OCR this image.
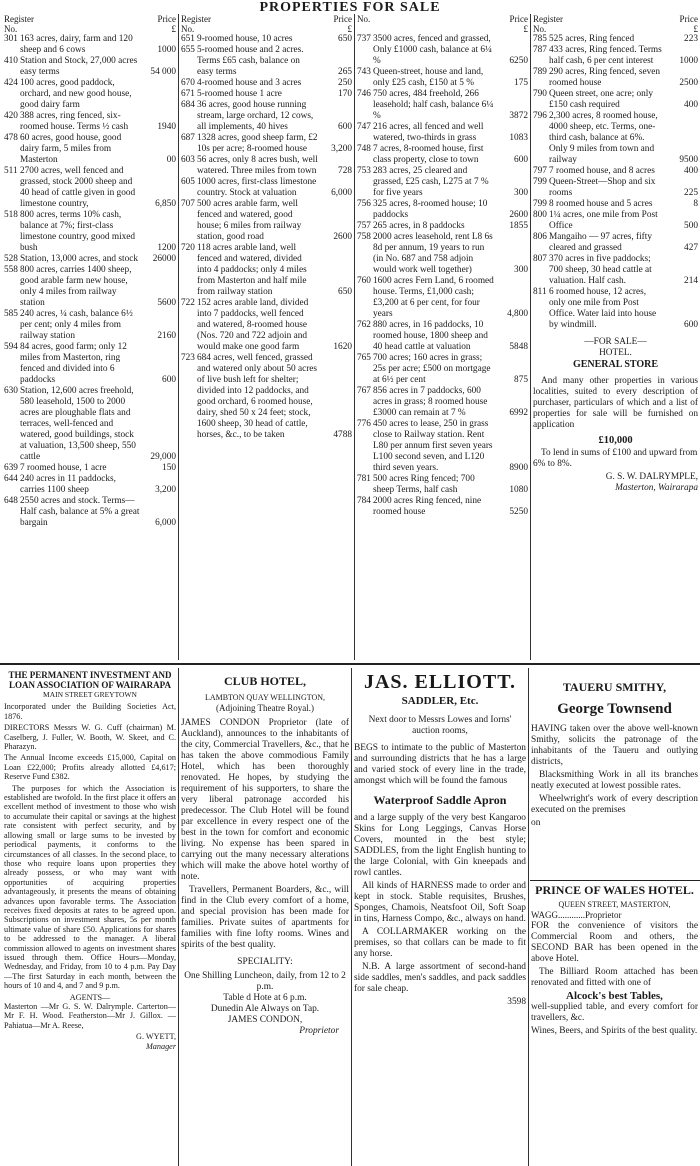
PROPERTIES FOR SALE
Register
No.
Price
£
301 163 acres, dairy, farm and 120 sheep and 6 cows	1000
410 Station and Stock, 27,000 acres easy terms	54 000
424 100 acres, good paddock, orchard, and new good house, good dairy farm
420 388 acres, ring fenced, six-roomed house. Terms ½ cash	1940
478 60 acres, good house, good dairy farm, 5 miles from Masterton	00
511 2700 acres, well fenced and grassed, stock 2000 sheep and 40 head of cattle given in good limestone country,	6,850
518 800 acres, terms 10% cash, balance at 7%; first-class limestone country, good mixed bush	1200
528 Station, 13,000 acres, and stock	26000
558 800 acres, carries 1400 sheep, good arable farm new house, only 4 miles from railway station	5600
585 240 acres, ¼ cash, balance 6½ per cent; only 4 miles from railway station	2160
594 84 acres, good farm; only 12 miles from Masterton, ring fenced and divided into 6 paddocks	600
630 Station, 12,600 acres freehold, 580 leasehold, 1500 to 2000 acres are ploughable flats and terraces, well-fenced and watered, good buildings, stock at valuation, 13,500 sheep, 550 cattle	29,000
639 7 roomed house, 1 acre	150
644 240 acres in 11 paddocks, carries 1100 sheep	3,200
648 2550 acres and stock. Terms—Half cash, balance at 5% a great bargain	6,000
Register
No.
Price
£
651 9-roomed house, 10 acres	650
655 5-roomed house and 2 acres. Terms £65 cash, balance on easy terms	265
670 4-roomed house and 3 acres	250
671 5-roomed house 1 acre	170
684 36 acres, good house running stream, large orchard, 12 cows, all implements, 40 hives	600
687 1328 acres, good sheep farm, £2 10s per acre; 8-roomed house	3,200
603 56 acres, only 8 acres bush, well watered. Three miles from town	728
605 1000 acres, first-class limestone country. Stock at valuation	6,000
707 500 acres arable farm, well fenced and watered, good house; 6 miles from railway station, good road	2600
720 118 acres arable land, well fenced and watered, divided into 4 paddocks; only 4 miles from Masterton and half mile from railway station	650
722 152 acres arable land, divided into 7 paddocks, well fenced and watered, 8-roomed house (Nos. 720 and 722 adjoin and would make one good farm	1620
723 684 acres, well fenced, grassed and watered only about 50 acres of live bush left for shelter; divided into 12 paddocks, and good orchard, 6 roomed house, dairy, shed 50 x 24 feet; stock, 1600 sheep, 30 head of cattle, horses, &c., to be taken	4788
No.	Price
£
737 3500 acres, fenced and grassed, Only £1000 cash, balance at 6¼ %	6250
743 Queen-street, house and land, only £25 cash, £150 at 5 %	175
746 750 acres, 484 freehold, 266 leasehold; half cash, balance 6¼ %	3872
747 216 acres, all fenced and well watered, two-thirds in grass	1083
748 7 acres, 8-roomed house, first class property, close to town	600
753 283 acres, 25 cleared and grassed, £25 cash, L275 at 7 % for five years	300
756 325 acres, 8-roomed house; 10 paddocks	2600
757 265 acres, in 8 paddocks	1855
758 2000 acres leasehold, rent L8 6s 8d per annum, 19 years to run (in No. 687 and 758 adjoin would work well together)	300
760 1600 acres Fern Land, 6 roomed house. Terms, £1,000 cash; £3,200 at 6 per cent, for four years	4,800
762 880 acres, in 16 paddocks, 10 roomed house, 1800 sheep and 40 head cattle at valuation	5848
765 700 acres; 160 acres in grass; 25s per acre; £500 on mortgage at 6½ per cent	875
767 856 acres in 7 paddocks, 600 acres in grass; 8 roomed house £3000 can remain at 7 %	6992
776 450 acres to lease, 250 in grass close to Railway station. Rent L80 per annum first seven years L100 second seven, and L120 third seven years.	8900
781 500 acres Ring fenced; 700 sheep Terms, half cash	1080
784 2000 acres Ring fenced, nine roomed house	5250
Register
No.
Price
£
785 525 acres, Ring fenced	223
787 433 acres, Ring fenced. Terms half cash, 6 per cent interest	1000
789 290 acres, Ring fenced, seven roomed house	2500
790 Queen street, one acre; only £150 cash required	400
796 2,300 acres, 8 roomed house, 4000 sheep, etc. Terms, one-third cash, balance at 6%. Only 9 miles from town and railway	9500
797 7 roomed house, and 8 acres	400
799 Queen-Street—Shop and six rooms	225
799 8 roomed house and 5 acres	8
800 1¼ acres, one mile from Post Office	500
806 Mangaiho — 97 acres, fifty cleared and grassed	427
807 370 acres in five paddocks; 700 sheep, 30 head cattle at valuation. Half cash.	214
811 6 roomed house, 12 acres, only one mile from Post Office. Water laid into house by windmill.	600
—FOR SALE—
HOTEL.
GENERAL STORE

And many other properties in various localities, suited to every description of purchaser, particulars of which and a list of properties for sale will be furnished on application

£10,000

To lend in sums of £100 and upward from 6% to 8%.

G. S. W. DALRYMPLE,
Masterton, Wairarapa
THE PERMANENT INVESTMENT AND LOAN ASSOCIATION OF WAIRARAPA
MAIN STREET GREYTOWN

Incorporated under the Building Societies Act, 1876.

DIRECTORS Messrs W. G. Cuff (chairman) M. Caselberg, J. Fuller, W. Booth, W. Skeet, and C. Pharazyn.

The Annual Income exceeds £15,000, Capital on Loan £22,000; Profits already allotted £4,617; Reserve Fund £382.

The purposes for which the Association is established are twofold. In the first place it offers an excellent method of investment to those who wish to accumulate their capital or savings at the highest rate consistent with perfect security, and by allowing small or large sums to be invested by periodical payments, it conforms to the circumstances of all classes. In the second place, to those who require loans upon properties they already possess, or who may want with opportunities of acquiring properties advantageously, it presents the means of obtaining advances upon favorable terms. The Association receives fixed deposits at rates to be agreed upon. Subscriptions on investment shares, 5s per month ultimate value of share £50. Applications for shares to be addressed to the manager. A liberal commission allowed to agents on investment shares issued through them. Office Hours—Monday, Wednesday, and Friday, from 10 to 4 p.m. Pay Day—The first Saturday in each month, between the hours of 10 and 4, and 7 and 9 p.m.

AGENTS—

Masterton —Mr G. S. W. Dalrymple. Carterton—Mr F. H. Wood. Featherston—Mr J. Gillox. — Pahiatua—Mr A. Reese,

G. WYETT,
Manager
CLUB HOTEL,
LAMBTON QUAY WELLINGTON,
(Adjoining Theatre Royal.)

JAMES CONDON Proprietor (late of Auckland), announces to the inhabitants of the city, Commercial Travellers, &c., that he has taken the above commodious Family Hotel, which has been thoroughly renovated. He hopes, by studying the requirement of his supporters, to share the very liberal patronage accorded his predecessor. The Club Hotel will be found par excellence in every respect one of the best in the town for comfort and economic living. No expense has been spared in carrying out the many necessary alterations which will make the above hotel worthy of note.

Travellers, Permanent Boarders, &c., will find in the Club every comfort of a home, and special provision has been made for families. Private suites of apartments for families with fine lofty rooms. Wines and spirits of the best quality.

SPECIALITY:
One Shilling Luncheon, daily, from 12 to 2 p.m.
Table d Hote at 6 p.m.
Dunedin Ale Always on Tap.
JAMES CONDON,
Proprietor
JAS. ELLIOTT.
SADDLER, Etc.
Next door to Messrs Lowes and Iorns' auction rooms,

BEGS to intimate to the public of Masterton and surrounding districts that he has a large and varied stock of every line in the trade, amongst which will be found the famous

Waterproof Saddle Apron

and a large supply of the very best Kangaroo Skins for Long Leggings, Canvas Horse Covers, mounted in the best style; SADDLES, from the light English hunting to the large Colonial, with Gin kneepads and rowl cantles.

All kinds of HARNESS made to order and kept in stock. Stable requisites, Brushes, Sponges, Chamois, Neatsfoot Oil, Soft Soap in tins, Harness Compo, &c., always on hand.

A COLLARMAKER working on the premises, so that collars can be made to fit any horse.

N.B. A large assortment of second-hand side saddles, men's saddles, and pack saddles for sale cheap.

3598
TAUERU SMITHY,
George Townsend

HAVING taken over the above well-known Smithy, solicits the patronage of the inhabitants of the Taueru and outlying districts,

Blacksmithing Work in all its branches neatly executed at lowest possible rates.

Wheelwright's work of every description executed on the premises

on
PRINCE OF WALES HOTEL.
QUEEN STREET, MASTERTON,
WAGG............Proprietor

FOR the convenience of visitors the Commercial Room and others, the SECOND BAR has been opened in the above Hotel.

The Billiard Room attached has been renovated and fitted with one of

Alcock's best Tables,

well-supplied table, and every comfort for travellers, &c.

Wines, Beers, and Spirits of the best quality.
